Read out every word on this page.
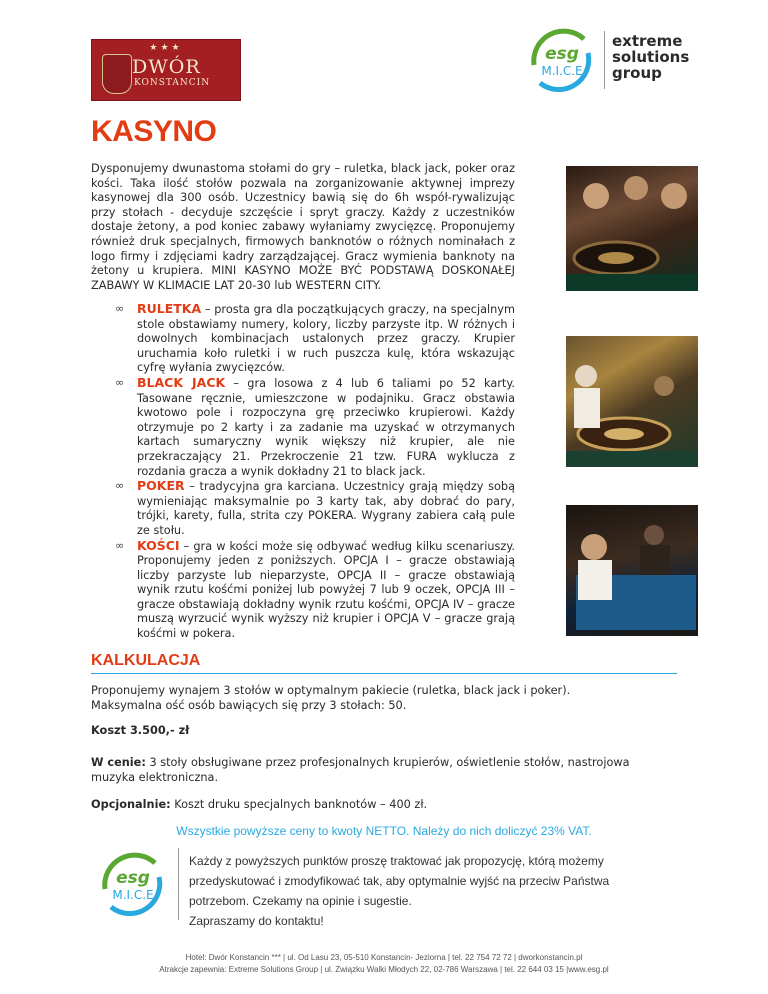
★★★
DWÓR
KONSTANCIN
esg
M.I.C.E
extreme
solutions
group
KASYNO
Dysponujemy dwunastoma stołami do gry – ruletka, black jack, poker oraz kości. Taka ilość stołów pozwala na zorganizowanie aktywnej imprezy kasynowej dla 300 osób. Uczestnicy bawią się do 6h współ-rywalizując przy stołach - decyduje szczęście i spryt graczy. Każdy z uczestników dostaje żetony, a pod koniec zabawy wyłaniamy zwycięzcę. Proponujemy również druk specjalnych, firmowych banknotów o różnych nominałach z logo firmy i zdjęciami kadry zarządzającej. Gracz wymienia banknoty na żetony u krupiera. MINI KASYNO MOŻE BYĆ PODSTAWĄ DOSKONAŁEJ ZABAWY W KLIMACIE LAT 20-30 lub WESTERN CITY.
∞ RULETKA – prosta gra dla początkujących graczy, na specjalnym stole obstawiamy numery, kolory, liczby parzyste itp. W różnych i dowolnych kombinacjach ustalonych przez graczy. Krupier uruchamia koło ruletki i w ruch puszcza kulę, która wskazując cyfrę wyłania zwycięzców.
∞ BLACK JACK – gra losowa z 4 lub 6 taliami po 52 karty. Tasowane ręcznie, umieszczone w podajniku. Gracz obstawia kwotowo pole i rozpoczyna grę przeciwko krupierowi. Każdy otrzymuje po 2 karty i za zadanie ma uzyskać w otrzymanych kartach sumaryczny wynik większy niż krupier, ale nie przekraczający 21. Przekroczenie 21 tzw. FURA wyklucza z rozdania gracza a wynik dokładny 21 to black jack.
∞ POKER – tradycyjna gra karciana. Uczestnicy grają między sobą wymieniając maksymalnie po 3 karty tak, aby dobrać do pary, trójki, karety, fulla, strita czy POKERA. Wygrany zabiera całą pule ze stołu.
∞ KOŚCI – gra w kości może się odbywać według kilku scenariuszy. Proponujemy jeden z poniższych. OPCJA I – gracze obstawiają liczby parzyste lub nieparzyste, OPCJA II – gracze obstawiają wynik rzutu kośćmi poniżej lub powyżej 7 lub 9 oczek, OPCJA III – gracze obstawiają dokładny wynik rzutu kośćmi, OPCJA IV – gracze muszą wyrzucić wynik wyższy niż krupier i OPCJA V – gracze grają kośćmi w pokera.
KALKULACJA
Proponujemy wynajem 3 stołów w optymalnym pakiecie (ruletka, black jack i poker).
Maksymalna ość osób bawiących się przy 3 stołach: 50.
Koszt 3.500,- zł
W cenie: 3 stoły obsługiwane przez profesjonalnych krupierów, oświetlenie stołów, nastrojowa muzyka elektroniczna.
Opcjonalnie: Koszt druku specjalnych banknotów – 400 zł.
Wszystkie powyższe ceny to kwoty NETTO. Należy do nich doliczyć 23% VAT.
esg
M.I.C.E
Każdy z powyższych punktów proszę traktować jak propozycję, którą możemy
przedyskutować i zmodyfikować tak, aby optymalnie wyjść na przeciw Państwa
potrzebom. Czekamy na opinie i sugestie.
Zapraszamy do kontaktu!
Hotel: Dwór Konstancin *** | ul. Od Lasu 23, 05-510 Konstancin- Jeziorna | tel. 22 754 72 72 | dworkonstancin.pl
Atrakcje zapewnia: Extreme Solutions Group | ul. Związku Walki Młodych 22, 02-786 Warszawa | tel. 22 644 03 15 |www.esg.pl
